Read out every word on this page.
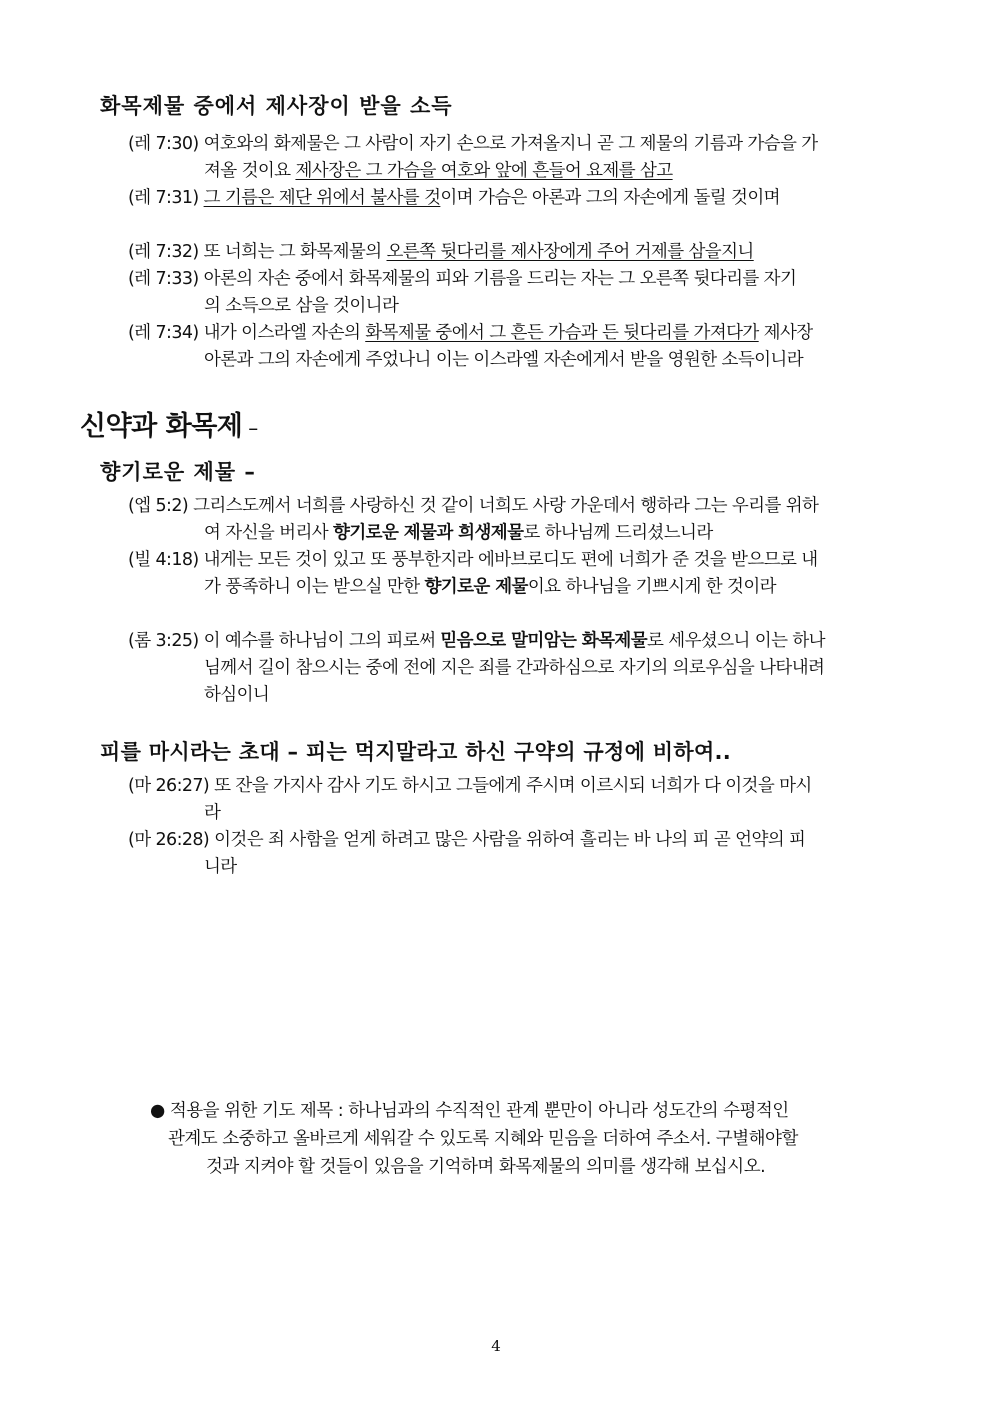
화목제물 중에서 제사장이 받을 소득
(레 7:30) 여호와의 화제물은 그 사람이 자기 손으로 가져올지니 곧 그 제물의 기름과 가슴을 가
져올 것이요 제사장은 그 가슴을 여호와 앞에 흔들어 요제를 삼고
(레 7:31) 그 기름은 제단 위에서 불사를 것이며 가슴은 아론과 그의 자손에게 돌릴 것이며
(레 7:32) 또 너희는 그 화목제물의 오른쪽 뒷다리를 제사장에게 주어 거제를 삼을지니
(레 7:33) 아론의 자손 중에서 화목제물의 피와 기름을 드리는 자는 그 오른쪽 뒷다리를 자기
의 소득으로 삼을 것이니라
(레 7:34) 내가 이스라엘 자손의 화목제물 중에서 그 흔든 가슴과 든 뒷다리를 가져다가 제사장
아론과 그의 자손에게 주었나니 이는 이스라엘 자손에게서 받을 영원한 소득이니라
신약과 화목제 –
향기로운 제물 –
(엡 5:2) 그리스도께서 너희를 사랑하신 것 같이 너희도 사랑 가운데서 행하라 그는 우리를 위하
여 자신을 버리사 향기로운 제물과 희생제물로 하나님께 드리셨느니라
(빌 4:18) 내게는 모든 것이 있고 또 풍부한지라 에바브로디도 편에 너희가 준 것을 받으므로 내
가 풍족하니 이는 받으실 만한 향기로운 제물이요 하나님을 기쁘시게 한 것이라
(롬 3:25) 이 예수를 하나님이 그의 피로써 믿음으로 말미암는 화목제물로 세우셨으니 이는 하나
님께서 길이 참으시는 중에 전에 지은 죄를 간과하심으로 자기의 의로우심을 나타내려
하심이니
피를 마시라는 초대 – 피는 먹지말라고 하신 구약의 규정에 비하여..
(마 26:27) 또 잔을 가지사 감사 기도 하시고 그들에게 주시며 이르시되 너희가 다 이것을 마시
라
(마 26:28) 이것은 죄 사함을 얻게 하려고 많은 사람을 위하여 흘리는 바 나의 피 곧 언약의 피
니라
● 적용을 위한 기도 제목 : 하나님과의 수직적인 관계 뿐만이 아니라 성도간의 수평적인
관계도 소중하고 올바르게 세워갈 수 있도록 지혜와 믿음을 더하여 주소서. 구별해야할
것과 지켜야 할 것들이 있음을 기억하며 화목제물의 의미를 생각해 보십시오.
4
